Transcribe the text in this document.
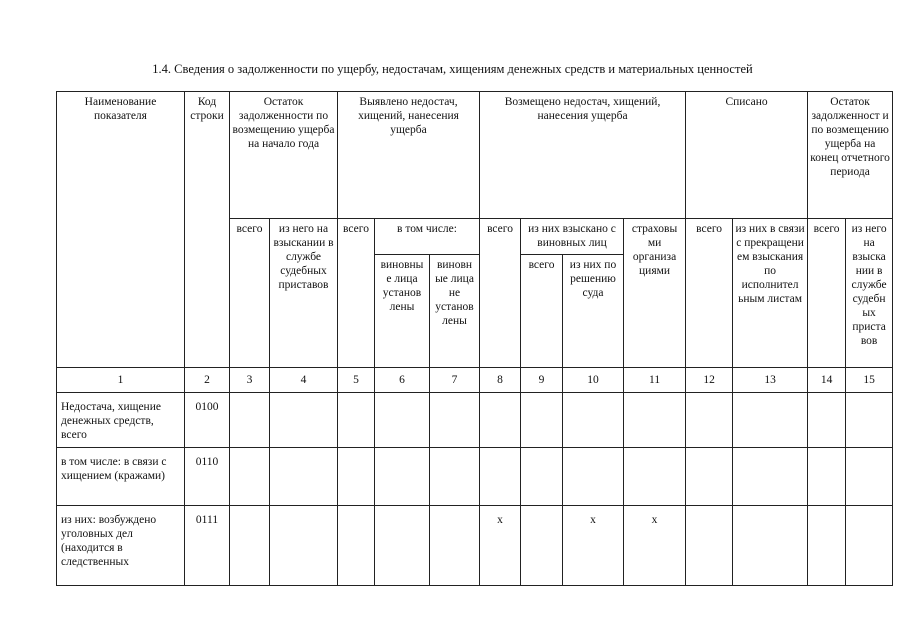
1.4. Сведения о задолженности по ущербу, недостачам, хищениям денежных средств и материальных ценностей
Наименование показателя	Код строки	Остаток задолженности по возмещению ущерба на начало года		Выявлено недостач, хищений, нанесения ущерба			Возмещено недостач, хищений, нанесения ущерба				Списано		Остаток задолженност и по возмещению ущерба на конец отчетного периода	
		всего	из него на взыскании в службе судебных приставов	всего	в том числе:		всего	из них взыскано с виновных лиц		страховы ми организа циями	всего	из них в связи с прекращени ем взыскания по исполнител ьным листам	всего	из него на взыска нии в службе судебн ых приста вов
					виновны е лица установ лены	виновн ые лица не установ лены		всего	из них по решению суда					
1	2	3	4	5	6	7	8	9	10	11	12	13	14	15
Недостача, хищение денежных средств, всего	0100													
в том числе: в связи с хищением (кражами)	0110													
из них: возбуждено уголовных дел (находится в следственных	0111						x		x	x				
